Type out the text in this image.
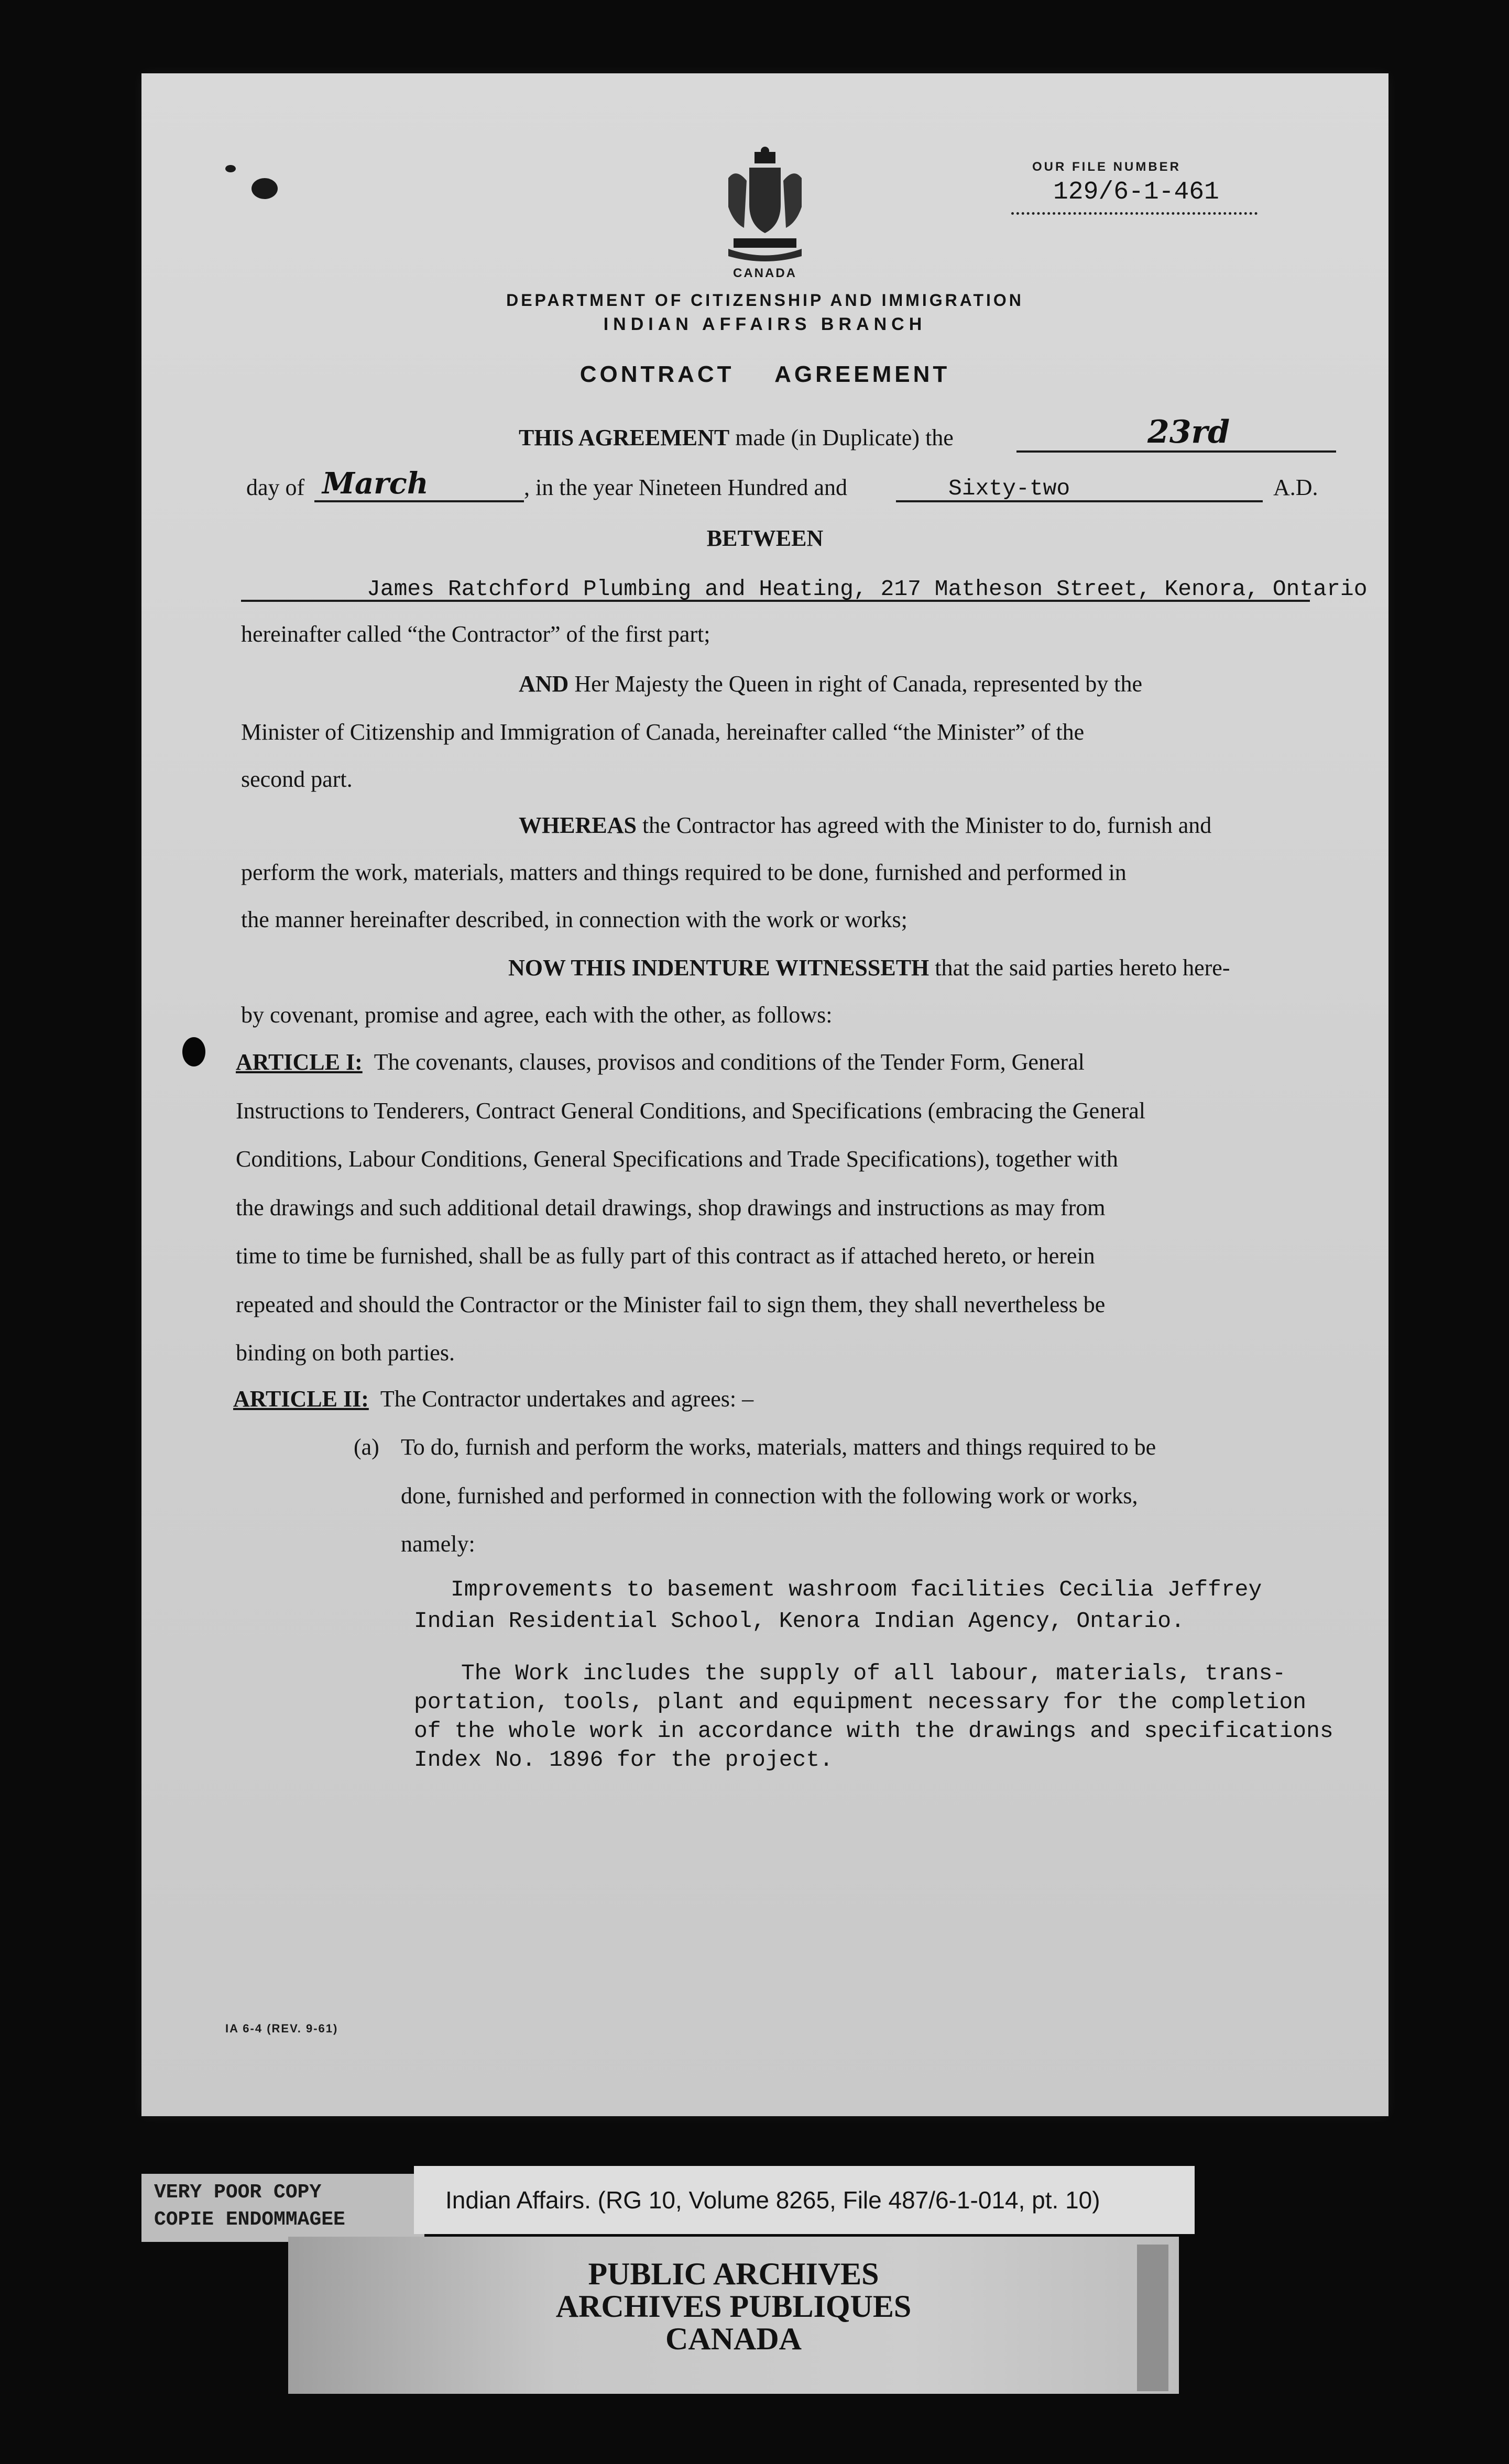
CANADA
OUR FILE NUMBER
129/6-1-461
DEPARTMENT OF CITIZENSHIP AND IMMIGRATION
INDIAN AFFAIRS BRANCH
CONTRACT AGREEMENT
THIS AGREEMENT made (in Duplicate) the	23rd
day of March	, in the year Nineteen Hundred and	Sixty-two	A.D.
BETWEEN
James Ratchford Plumbing and Heating, 217 Matheson Street, Kenora, Ontario
hereinafter called “the Contractor” of the first part;
AND Her Majesty the Queen in right of Canada, represented by the
Minister of Citizenship and Immigration of Canada, hereinafter called “the Minister” of the
second part.
WHEREAS the Contractor has agreed with the Minister to do, furnish and
perform the work, materials, matters and things required to be done, furnished and performed in
the manner hereinafter described, in connection with the work or works;
NOW THIS INDENTURE WITNESSETH that the said parties hereto here-
by covenant, promise and agree, each with the other, as follows:
ARTICLE I: The covenants, clauses, provisos and conditions of the Tender Form, General
Instructions to Tenderers, Contract General Conditions, and Specifications (embracing the General
Conditions, Labour Conditions, General Specifications and Trade Specifications), together with
the drawings and such additional detail drawings, shop drawings and instructions as may from
time to time be furnished, shall be as fully part of this contract as if attached hereto, or herein
repeated and should the Contractor or the Minister fail to sign them, they shall nevertheless be
binding on both parties.
ARTICLE II: The Contractor undertakes and agrees: –
(a) To do, furnish and perform the works, materials, matters and things required to be
done, furnished and performed in connection with the following work or works,
namely:
Improvements to basement washroom facilities Cecilia Jeffrey
Indian Residential School, Kenora Indian Agency, Ontario.
The Work includes the supply of all labour, materials, trans-
portation, tools, plant and equipment necessary for the completion
of the whole work in accordance with the drawings and specifications
Index No. 1896 for the project.
IA 6-4 (REV. 9-61)
VERY POOR COPY
COPIE ENDOMMAGEE
Indian Affairs. (RG 10, Volume 8265, File 487/6-1-014, pt. 10)
PUBLIC ARCHIVES
ARCHIVES PUBLIQUES
CANADA
